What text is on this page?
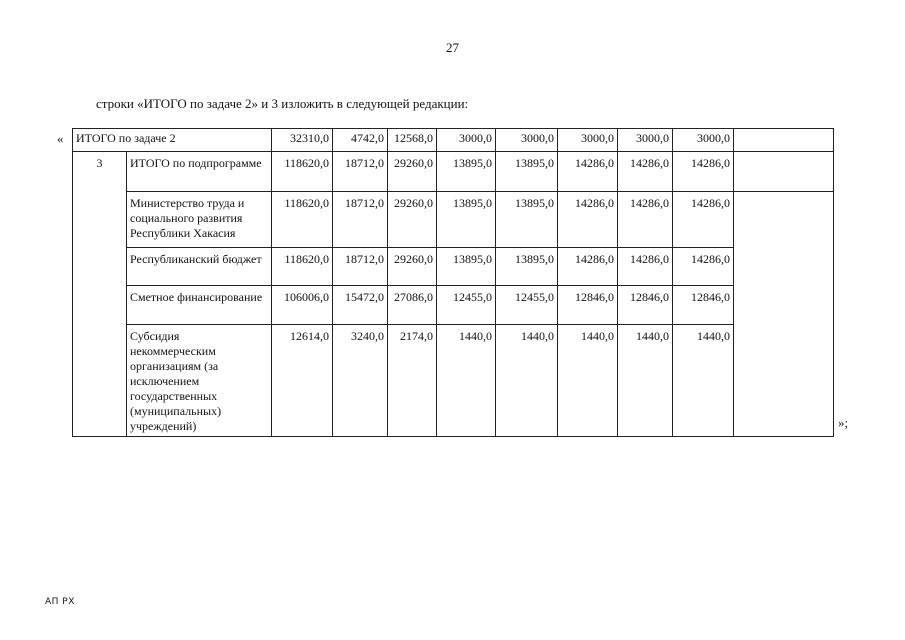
27
строки «ИТОГО по задаче 2» и 3 изложить в следующей редакции:
« ИТОГО по задаче 2		32310,0	4742,0	12568,0	3000,0	3000,0	3000,0	3000,0	3000,0	
3	ИТОГО по подпрограмме	118620,0	18712,0	29260,0	13895,0	13895,0	14286,0	14286,0	14286,0	
	Министерство труда и социального развития Республики Хакасия	118620,0	18712,0	29260,0	13895,0	13895,0	14286,0	14286,0	14286,0	
	Республиканский бюджет	118620,0	18712,0	29260,0	13895,0	13895,0	14286,0	14286,0	14286,0	
	Сметное финансирование	106006,0	15472,0	27086,0	12455,0	12455,0	12846,0	12846,0	12846,0	
	Субсидия некоммерческим организациям (за исключением государственных (муниципальных) учреждений)	12614,0	3240,0	2174,0	1440,0	1440,0	1440,0	1440,0	1440,0	
»;
АП РХ
